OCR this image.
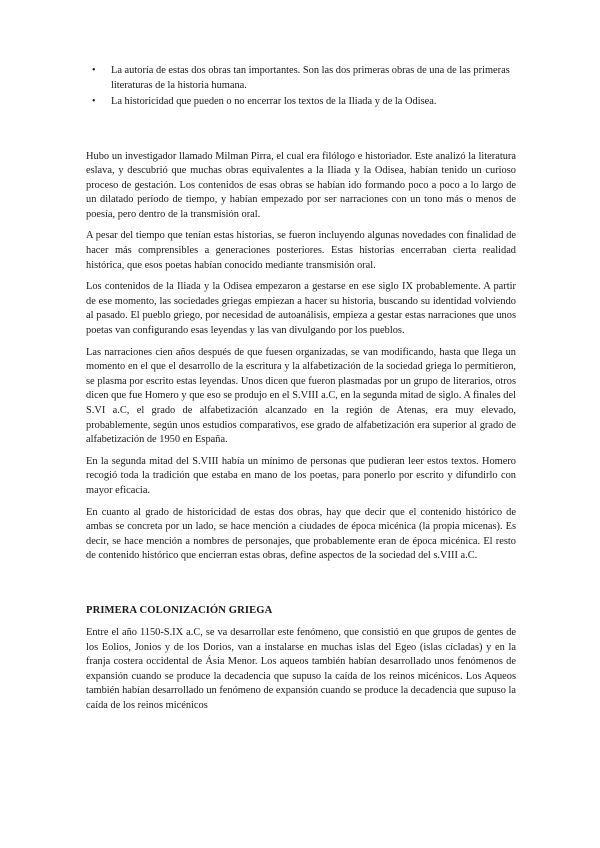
• La autoría de estas dos obras tan importantes. Son las dos primeras obras de una de las primeras literaturas de la historia humana.
• La historicidad que pueden o no encerrar los textos de la Iliada y de la Odisea.

Hubo un investigador llamado Milman Pirra, el cual era filólogo e historiador. Este analizó la literatura eslava, y descubrió que muchas obras equivalentes a la Iliada y la Odisea, habían tenido un curioso proceso de gestación. Los contenidos de esas obras se habían ido formando poco a poco a lo largo de un dilatado período de tiempo, y habían empezado por ser narraciones con un tono más o menos de poesía, pero dentro de la transmisión oral.

A pesar del tiempo que tenían estas historias, se fueron incluyendo algunas novedades con finalidad de hacer más comprensibles a generaciones posteriores. Estas historias encerraban cierta realidad histórica, que esos poetas habían conocido mediante transmisión oral.

Los contenidos de la Iliada y la Odisea empezaron a gestarse en ese siglo IX probablemente. A partir de ese momento, las sociedades griegas empiezan a hacer su historia, buscando su identidad volviendo al pasado. El pueblo griego, por necesidad de autoanálisis, empieza a gestar estas narraciones que unos poetas van configurando esas leyendas y las van divulgando por los pueblos.

Las narraciones cien años después de que fuesen organizadas, se van modificando, hasta que llega un momento en el que el desarrollo de la escritura y la alfabetización de la sociedad griega lo permitieron, se plasma por escrito estas leyendas. Unos dicen que fueron plasmadas por un grupo de literarios, otros dicen que fue Homero y que eso se produjo en el S.VIII a.C, en la segunda mitad de siglo. A finales del S.VI a.C, el grado de alfabetización alcanzado en la región de Atenas, era muy elevado, probablemente, según unos estudios comparativos, ese grado de alfabetización era superior al grado de alfabetización de 1950 en España.

En la segunda mitad del S.VIII había un mínimo de personas que pudieran leer estos textos. Homero recogió toda la tradición que estaba en mano de los poetas, para ponerlo por escrito y difundirlo con mayor eficacia.

En cuanto al grado de historicidad de estas dos obras, hay que decir que el contenido histórico de ambas se concreta por un lado, se hace mención a ciudades de época micénica (la propia micenas). Es decir, se hace mención a nombres de personajes, que probablemente eran de época micénica. El resto de contenido histórico que encierran estas obras, define aspectos de la sociedad del s.VIII a.C.

PRIMERA COLONIZACIÓN GRIEGA

Entre el año 1150-S.IX a.C, se va desarrollar este fenómeno, que consistió en que grupos de gentes de los Eolios, Jonios y de los Dorios, van a instalarse en muchas islas del Egeo (islas cícladas) y en la franja costera occidental de Ásia Menor. Los aqueos también habían desarrollado unos fenómenos de expansión cuando se produce la decadencia que supuso la caída de los reinos micénicos. Los Aqueos también habían desarrollado un fenómeno de expansión cuando se produce la decadencia que supuso la caída de los reinos micénicos
